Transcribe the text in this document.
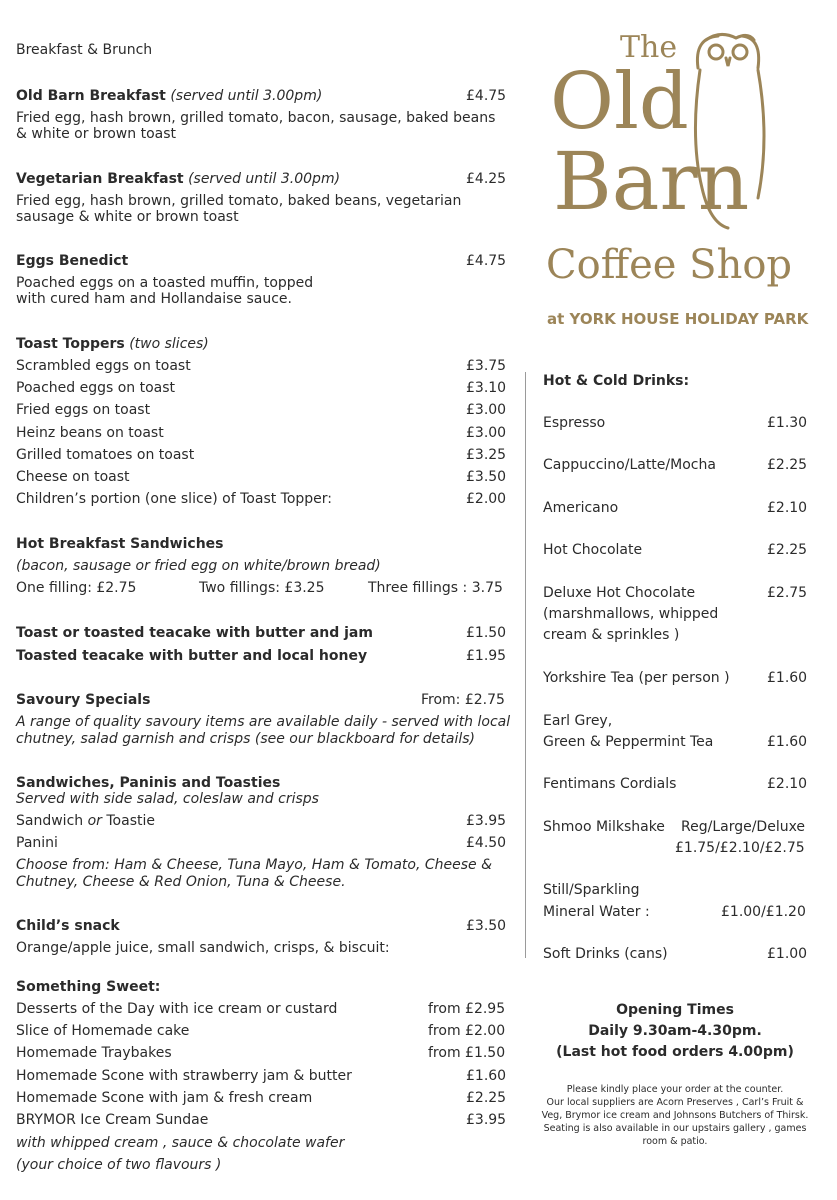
Breakfast & Brunch
Old Barn Breakfast (served until 3.00pm)	£4.75
Fried egg, hash brown, grilled tomato, bacon, sausage, baked beans
& white or brown toast
Vegetarian Breakfast (served until 3.00pm)	£4.25
Fried egg, hash brown, grilled tomato, baked beans, vegetarian
sausage & white or brown toast
Eggs Benedict	£4.75
Poached eggs on a toasted muffin, topped
with cured ham and Hollandaise sauce.
Toast Toppers (two slices)
Scrambled eggs on toast	£3.75
Poached eggs on toast	£3.10
Fried eggs on toast	£3.00
Heinz beans on toast	£3.00
Grilled tomatoes on toast	£3.25
Cheese on toast	£3.50
Children’s portion (one slice) of Toast Topper:	£2.00
Hot Breakfast Sandwiches
(bacon, sausage or fried egg on white/brown bread)
One filling: £2.75	Two fillings: £3.25	Three fillings : 3.75
Toast or toasted teacake with butter and jam	£1.50
Toasted teacake with butter and local honey	£1.95
Savoury Specials	From: £2.75
A range of quality savoury items are available daily - served with local
chutney, salad garnish and crisps (see our blackboard for details)
Sandwiches, Paninis and Toasties
Served with side salad, coleslaw and crisps
Sandwich or Toastie	£3.95
Panini	£4.50
Choose from: Ham & Cheese, Tuna Mayo, Ham & Tomato, Cheese &
Chutney, Cheese & Red Onion, Tuna & Cheese.
Child’s snack	£3.50
Orange/apple juice, small sandwich, crisps, & biscuit:
Something Sweet:
Desserts of the Day with ice cream or custard	from £2.95
Slice of Homemade cake	from £2.00
Homemade Traybakes	from £1.50
Homemade Scone with strawberry jam & butter	£1.60
Homemade Scone with jam & fresh cream	£2.25
BRYMOR Ice Cream Sundae	£3.95
with whipped cream , sauce & chocolate wafer
(your choice of two flavours )
The
Old
Barn
Coffee Shop
at YORK HOUSE HOLIDAY PARK
Hot & Cold Drinks:
Espresso	£1.30
Cappuccino/Latte/Mocha	£2.25
Americano	£2.10
Hot Chocolate	£2.25
Deluxe Hot Chocolate
(marshmallows, whipped
cream & sprinkles )
£2.75
Yorkshire Tea (per person )	£1.60
Earl Grey,
Green & Peppermint Tea	£1.60
Fentimans Cordials	£2.10
Shmoo Milkshake Reg/Large/Deluxe
£1.75/£2.10/£2.75
Still/Sparkling
Mineral Water :	£1.00/£1.20
Soft Drinks (cans)	£1.00
Opening Times
Daily 9.30am-4.30pm.
(Last hot food orders 4.00pm)
Please kindly place your order at the counter.
Our local suppliers are Acorn Preserves , Carl’s Fruit &
Veg, Brymor ice cream and Johnsons Butchers of Thirsk.
Seating is also available in our upstairs gallery , games
room & patio.
